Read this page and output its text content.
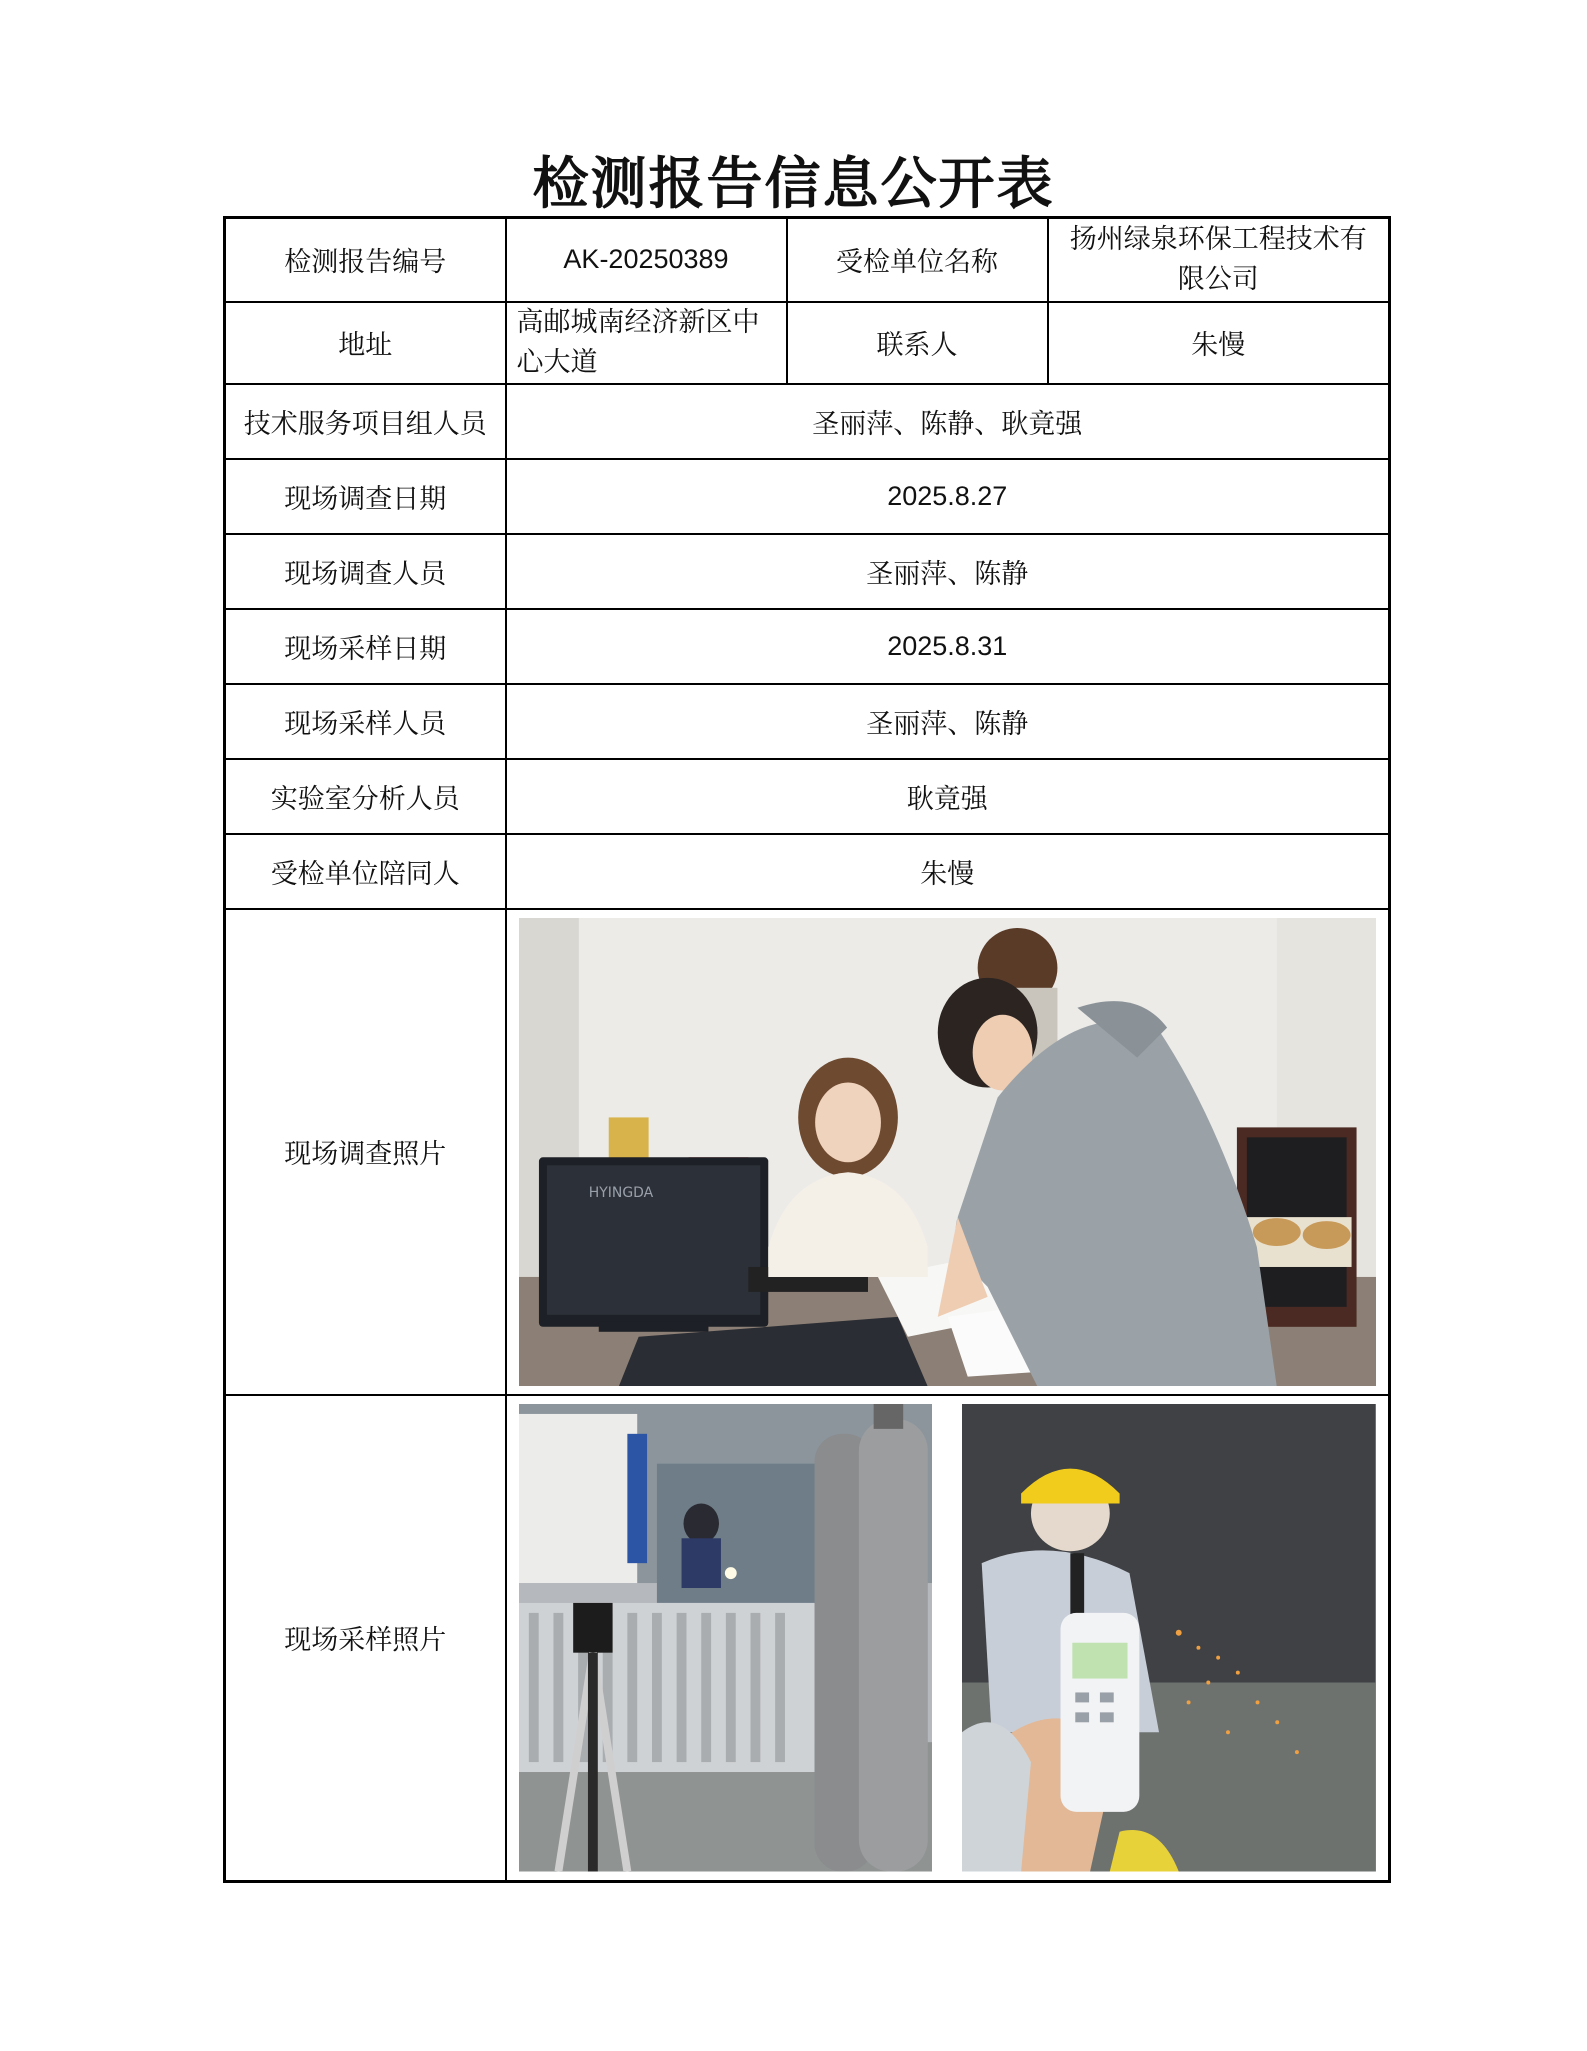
检测报告信息公开表
检测报告编号	AK-20250389	受检单位名称	扬州绿泉环保工程技术有限公司
地址	高邮城南经济新区中心大道	联系人	朱慢
技术服务项目组人员	圣丽萍、陈静、耿竟强		
现场调查日期	2025.8.27		
现场调查人员	圣丽萍、陈静		
现场采样日期	2025.8.31		
现场采样人员	圣丽萍、陈静		
实验室分析人员	耿竟强		
受检单位陪同人	朱慢		
现场调查照片	HYINGDA		

现场采样照片	
